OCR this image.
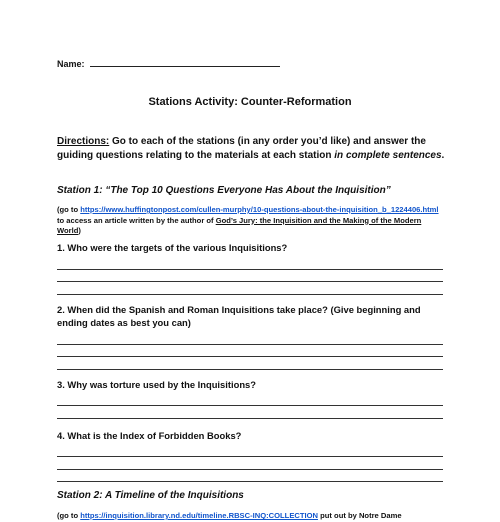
Name:
Stations Activity: Counter-Reformation
Directions: Go to each of the stations (in any order you’d like) and answer the guiding questions relating to the materials at each station in complete sentences.
Station 1: “The Top 10 Questions Everyone Has About the Inquisition”
(go to https://www.huffingtonpost.com/cullen-murphy/10-questions-about-the-inquisition_b_1224406.html to access an article written by the author of God’s Jury: the Inquisition and the Making of the Modern World)
1. Who were the targets of the various Inquisitions?
2. When did the Spanish and Roman Inquisitions take place? (Give beginning and ending dates as best you can)
3. Why was torture used by the Inquisitions?
4. What is the Index of Forbidden Books?
Station 2: A Timeline of the Inquisitions
(go to https://inquisition.library.nd.edu/timeline.RBSC-INQ:COLLECTION put out by Notre Dame
